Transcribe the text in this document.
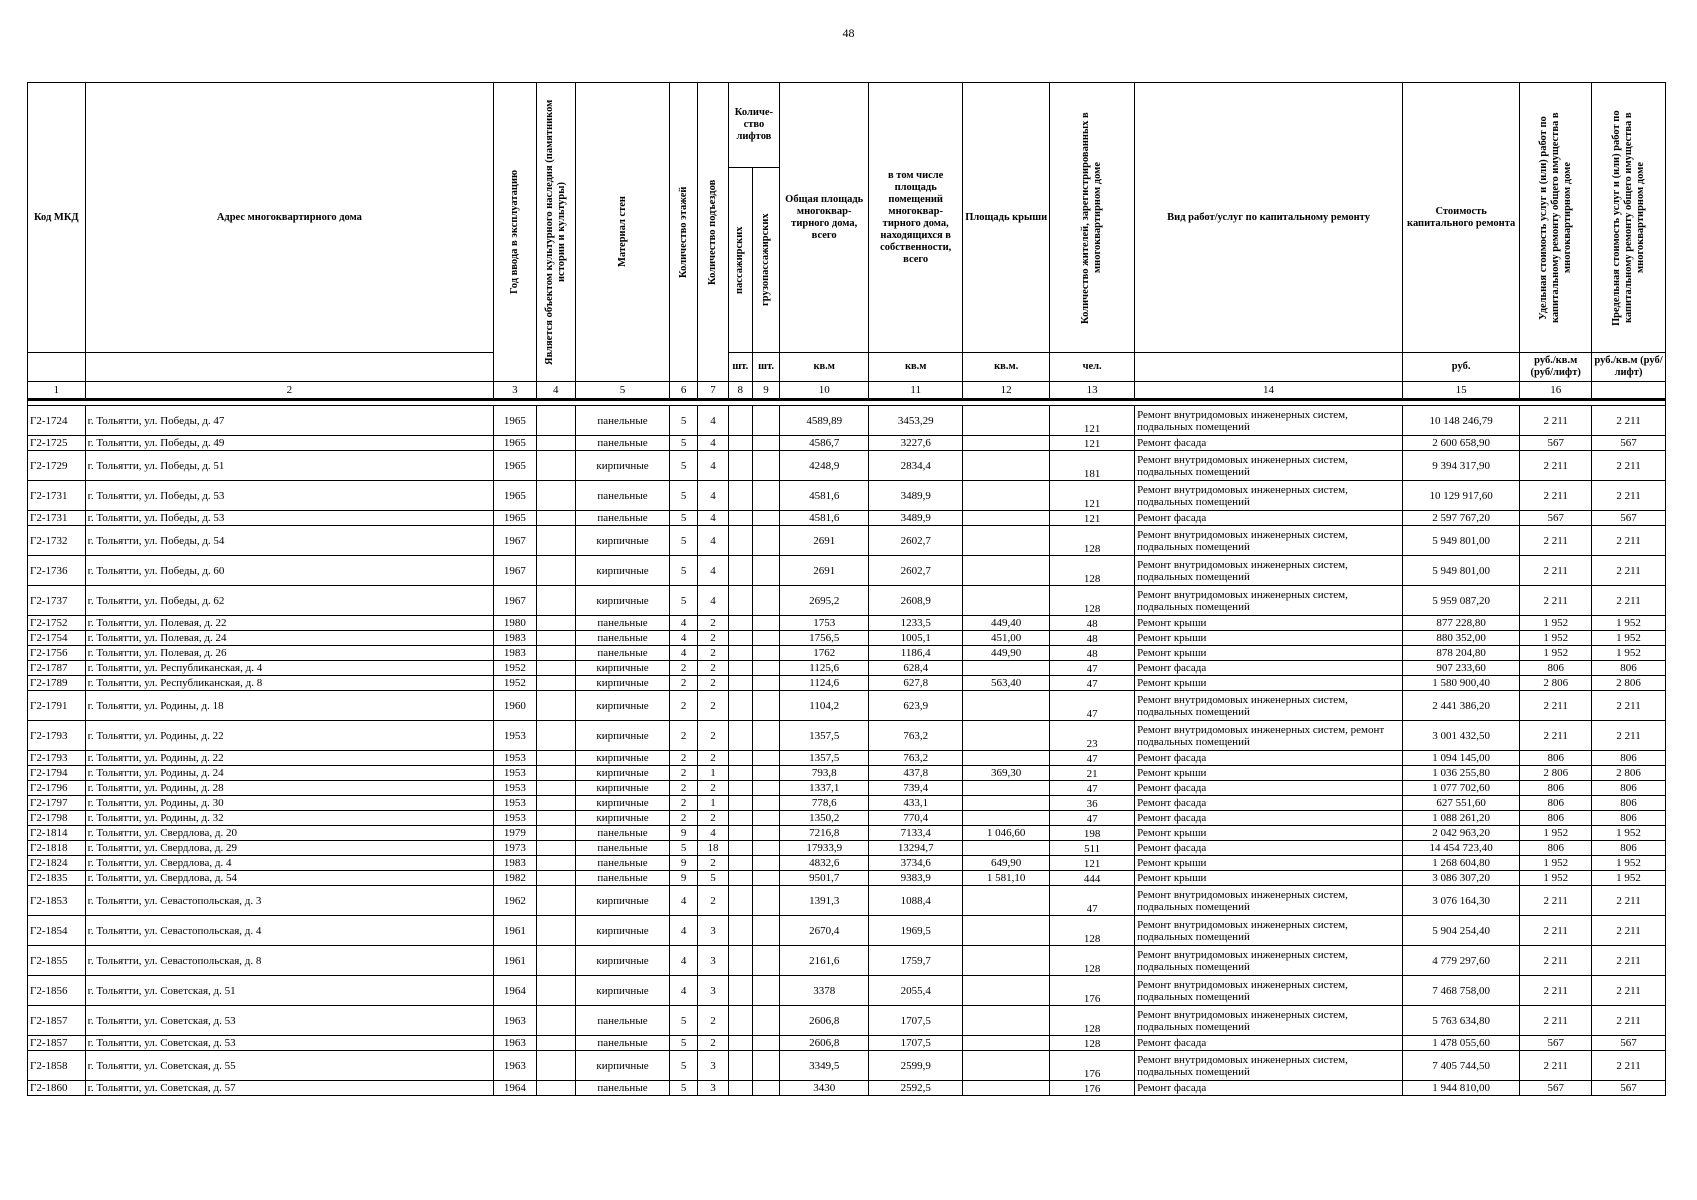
48
Код МКД	Адрес многоквартирного дома	Год ввода в эксплуатацию	Является объектом культурного наследия (памятником истории и культуры)	Материал стен	Количество этажей	Количество подъездов	Количе-ство лифтов		Общая площадь многоквар-тирного дома, всего	в том числе площадь помещений многоквар-тирного дома, находящихся в собственности, всего	Площадь крыши	Количество жителей, зарегистрированных в многоквартирном доме	Вид работ/услуг по капитальному ремонту	Стоимость капитального ремонта	Удельная стоимость услуг и (или) работ по капитальному ремонту общего имущества в многоквартирном доме	Предельная стоимость услуг и (или) работ по капитальному ремонту общего имущества в многоквартирном доме

							пассажирских	грузопассажирских								

							шт.	шт.	кв.м	кв.м	кв.м.	чел.		руб.	руб./кв.м (руб/лифт)	руб./кв.м (руб/лифт)
1	2	3	4	5	6	7	8	9	10	11	12	13	14	15	16	

Г2-1724	г. Тольятти, ул. Победы, д. 47	1965		панельные	5	4			4589,89	3453,29		121	Ремонт внутридомовых инженерных систем, подвальных помещений	10 148 246,79	2 211	2 211
Г2-1725	г. Тольятти, ул. Победы, д. 49	1965		панельные	5	4			4586,7	3227,6		121	Ремонт фасада	2 600 658,90	567	567
Г2-1729	г. Тольятти, ул. Победы, д. 51	1965		кирпичные	5	4			4248,9	2834,4		181	Ремонт внутридомовых инженерных систем, подвальных помещений	9 394 317,90	2 211	2 211
Г2-1731	г. Тольятти, ул. Победы, д. 53	1965		панельные	5	4			4581,6	3489,9		121	Ремонт внутридомовых инженерных систем, подвальных помещений	10 129 917,60	2 211	2 211
Г2-1731	г. Тольятти, ул. Победы, д. 53	1965		панельные	5	4			4581,6	3489,9		121	Ремонт фасада	2 597 767,20	567	567
Г2-1732	г. Тольятти, ул. Победы, д. 54	1967		кирпичные	5	4			2691	2602,7		128	Ремонт внутридомовых инженерных систем, подвальных помещений	5 949 801,00	2 211	2 211
Г2-1736	г. Тольятти, ул. Победы, д. 60	1967		кирпичные	5	4			2691	2602,7		128	Ремонт внутридомовых инженерных систем, подвальных помещений	5 949 801,00	2 211	2 211
Г2-1737	г. Тольятти, ул. Победы, д. 62	1967		кирпичные	5	4			2695,2	2608,9		128	Ремонт внутридомовых инженерных систем, подвальных помещений	5 959 087,20	2 211	2 211
Г2-1752	г. Тольятти, ул. Полевая, д. 22	1980		панельные	4	2			1753	1233,5	449,40	48	Ремонт крыши	877 228,80	1 952	1 952
Г2-1754	г. Тольятти, ул. Полевая, д. 24	1983		панельные	4	2			1756,5	1005,1	451,00	48	Ремонт крыши	880 352,00	1 952	1 952
Г2-1756	г. Тольятти, ул. Полевая, д. 26	1983		панельные	4	2			1762	1186,4	449,90	48	Ремонт крыши	878 204,80	1 952	1 952
Г2-1787	г. Тольятти, ул. Республиканская, д. 4	1952		кирпичные	2	2			1125,6	628,4		47	Ремонт фасада	907 233,60	806	806
Г2-1789	г. Тольятти, ул. Республиканская, д. 8	1952		кирпичные	2	2			1124,6	627,8	563,40	47	Ремонт крыши	1 580 900,40	2 806	2 806
Г2-1791	г. Тольятти, ул. Родины, д. 18	1960		кирпичные	2	2			1104,2	623,9		47	Ремонт внутридомовых инженерных систем, подвальных помещений	2 441 386,20	2 211	2 211
Г2-1793	г. Тольятти, ул. Родины, д. 22	1953		кирпичные	2	2			1357,5	763,2		23	Ремонт внутридомовых инженерных систем, ремонт подвальных помещений	3 001 432,50	2 211	2 211
Г2-1793	г. Тольятти, ул. Родины, д. 22	1953		кирпичные	2	2			1357,5	763,2		47	Ремонт фасада	1 094 145,00	806	806
Г2-1794	г. Тольятти, ул. Родины, д. 24	1953		кирпичные	2	1			793,8	437,8	369,30	21	Ремонт крыши	1 036 255,80	2 806	2 806
Г2-1796	г. Тольятти, ул. Родины, д. 28	1953		кирпичные	2	2			1337,1	739,4		47	Ремонт фасада	1 077 702,60	806	806
Г2-1797	г. Тольятти, ул. Родины, д. 30	1953		кирпичные	2	1			778,6	433,1		36	Ремонт фасада	627 551,60	806	806
Г2-1798	г. Тольятти, ул. Родины, д. 32	1953		кирпичные	2	2			1350,2	770,4		47	Ремонт фасада	1 088 261,20	806	806
Г2-1814	г. Тольятти, ул. Свердлова, д. 20	1979		панельные	9	4			7216,8	7133,4	1 046,60	198	Ремонт крыши	2 042 963,20	1 952	1 952
Г2-1818	г. Тольятти, ул. Свердлова, д. 29	1973		панельные	5	18			17933,9	13294,7		511	Ремонт фасада	14 454 723,40	806	806
Г2-1824	г. Тольятти, ул. Свердлова, д. 4	1983		панельные	9	2			4832,6	3734,6	649,90	121	Ремонт крыши	1 268 604,80	1 952	1 952
Г2-1835	г. Тольятти, ул. Свердлова, д. 54	1982		панельные	9	5			9501,7	9383,9	1 581,10	444	Ремонт крыши	3 086 307,20	1 952	1 952
Г2-1853	г. Тольятти, ул. Севастопольская, д. 3	1962		кирпичные	4	2			1391,3	1088,4		47	Ремонт внутридомовых инженерных систем, подвальных помещений	3 076 164,30	2 211	2 211
Г2-1854	г. Тольятти, ул. Севастопольская, д. 4	1961		кирпичные	4	3			2670,4	1969,5		128	Ремонт внутридомовых инженерных систем, подвальных помещений	5 904 254,40	2 211	2 211
Г2-1855	г. Тольятти, ул. Севастопольская, д. 8	1961		кирпичные	4	3			2161,6	1759,7		128	Ремонт внутридомовых инженерных систем, подвальных помещений	4 779 297,60	2 211	2 211
Г2-1856	г. Тольятти, ул. Советская, д. 51	1964		кирпичные	4	3			3378	2055,4		176	Ремонт внутридомовых инженерных систем, подвальных помещений	7 468 758,00	2 211	2 211
Г2-1857	г. Тольятти, ул. Советская, д. 53	1963		панельные	5	2			2606,8	1707,5		128	Ремонт внутридомовых инженерных систем, подвальных помещений	5 763 634,80	2 211	2 211
Г2-1857	г. Тольятти, ул. Советская, д. 53	1963		панельные	5	2			2606,8	1707,5		128	Ремонт фасада	1 478 055,60	567	567
Г2-1858	г. Тольятти, ул. Советская, д. 55	1963		кирпичные	5	3			3349,5	2599,9		176	Ремонт внутридомовых инженерных систем, подвальных помещений	7 405 744,50	2 211	2 211
Г2-1860	г. Тольятти, ул. Советская, д. 57	1964		панельные	5	3			3430	2592,5		176	Ремонт фасада	1 944 810,00	567	567
